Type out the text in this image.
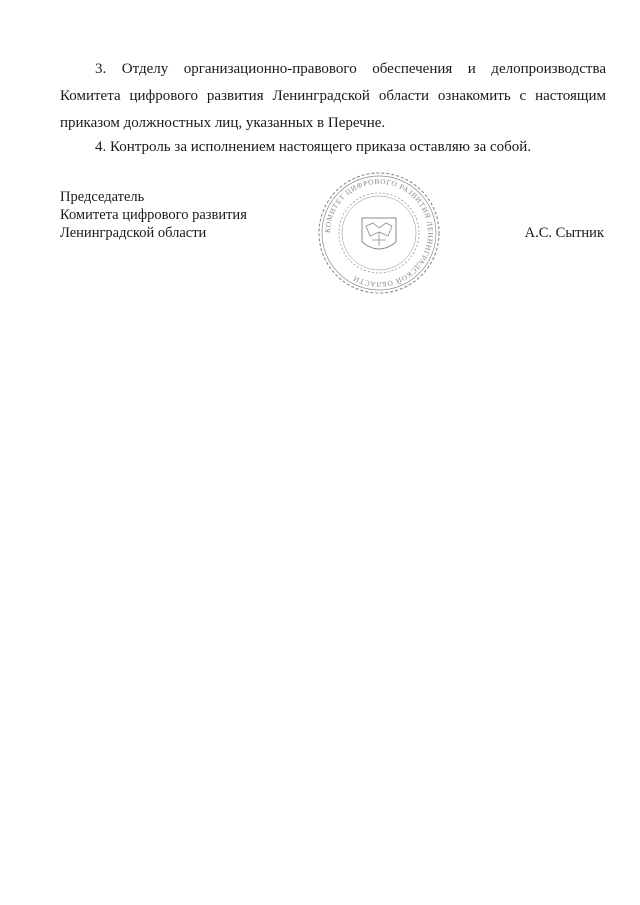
3. Отделу организационно-правового обеспечения и делопроизводства Комитета цифрового развития Ленинградской области ознакомить с настоящим приказом должностных лиц, указанных в Перечне.

4. Контроль за исполнением настоящего приказа оставляю за собой.

Председатель
Комитета цифрового развития
Ленинградской области	КОМИТЕТ ЦИФРОВОГО РАЗВИТИЯ ЛЕНИНГРАДСКОЙ ОБЛАСТИ
А.С. Сытник
